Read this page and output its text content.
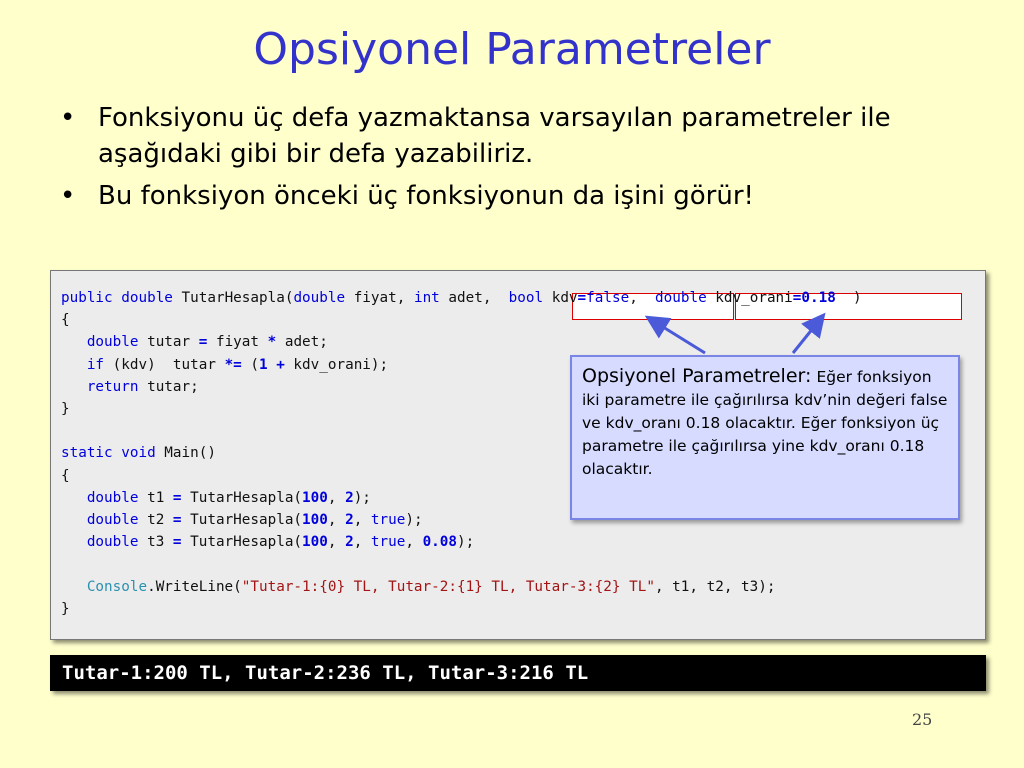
Opsiyonel Parametreler
• Fonksiyonu üç defa yazmaktansa varsayılan parametreler ile aşağıdaki gibi bir defa yazabiliriz.
• Bu fonksiyon önceki üç fonksiyonun da işini görür!
public double TutarHesapla(double fiyat, int adet,  bool kdv=false,  double kdv_orani=0.18  )
{
double tutar = fiyat * adet;
if (kdv)  tutar *= (1 + kdv_orani);
return tutar;
}
static void Main()
{
double t1 = TutarHesapla(100, 2);
double t2 = TutarHesapla(100, 2, true);
double t3 = TutarHesapla(100, 2, true, 0.08);
Console.WriteLine("Tutar-1:{0} TL, Tutar-2:{1} TL, Tutar-3:{2} TL", t1, t2, t3);
}
Opsiyonel Parametreler: Eğer fonksiyon iki parametre ile çağırılırsa kdv’nin değeri false ve kdv_oranı 0.18 olacaktır. Eğer fonksiyon üç parametre ile çağırılırsa yine kdv_oranı 0.18 olacaktır.
Tutar-1:200 TL, Tutar-2:236 TL, Tutar-3:216 TL
25
